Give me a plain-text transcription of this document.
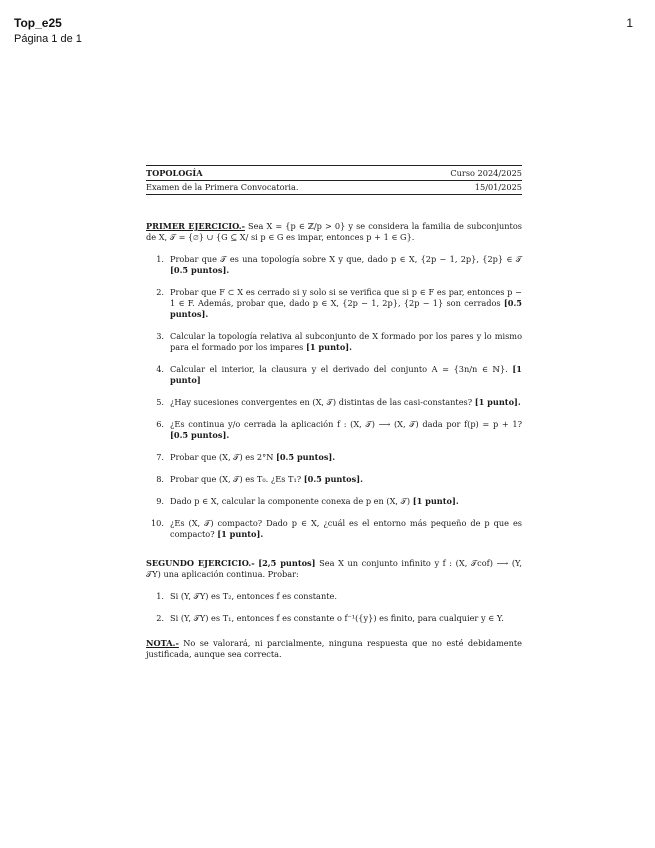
Top_e25
Página 1 de 1
1
TOPOLOGÍA	Curso 2024/2025
Examen de la Primera Convocatoria.	15/01/2025
PRIMER EJERCICIO.- Sea X = {p ∈ ℤ/p > 0} y se considera la familia de subconjuntos de X, 𝒯 = {∅} ∪ {G ⊆ X/ si p ∈ G es impar, entonces p + 1 ∈ G}.
1. Probar que 𝒯 es una topología sobre X y que, dado p ∈ X, {2p − 1, 2p}, {2p} ∈ 𝒯 [0.5 puntos].
2. Probar que F ⊂ X es cerrado si y solo si se verifica que si p ∈ F es par, entonces p − 1 ∈ F. Además, probar que, dado p ∈ X, {2p − 1, 2p}, {2p − 1} son cerrados [0.5 puntos].
3. Calcular la topología relativa al subconjunto de X formado por los pares y lo mismo para el formado por los impares [1 punto].
4. Calcular el interior, la clausura y el derivado del conjunto A = {3n/n ∈ ℕ}. [1 punto]
5. ¿Hay sucesiones convergentes en (X, 𝒯) distintas de las casi-constantes? [1 punto].
6. ¿Es continua y/o cerrada la aplicación f : (X, 𝒯) ⟶ (X, 𝒯) dada por f(p) = p + 1? [0.5 puntos].
7. Probar que (X, 𝒯) es 2°N [0.5 puntos].
8. Probar que (X, 𝒯) es T₀. ¿Es T₁? [0.5 puntos].
9. Dado p ∈ X, calcular la componente conexa de p en (X, 𝒯) [1 punto].
10. ¿Es (X, 𝒯) compacto? Dado p ∈ X, ¿cuál es el entorno más pequeño de p que es compacto? [1 punto].
SEGUNDO EJERCICIO.- [2,5 puntos] Sea X un conjunto infinito y f : (X, 𝒯cof) ⟶ (Y, 𝒯Y) una aplicación continua. Probar:
1. Si (Y, 𝒯Y) es T₂, entonces f es constante.
2. Si (Y, 𝒯Y) es T₁, entonces f es constante o f⁻¹({y}) es finito, para cualquier y ∈ Y.
NOTA.- No se valorará, ni parcialmente, ninguna respuesta que no esté debidamente justificada, aunque sea correcta.
